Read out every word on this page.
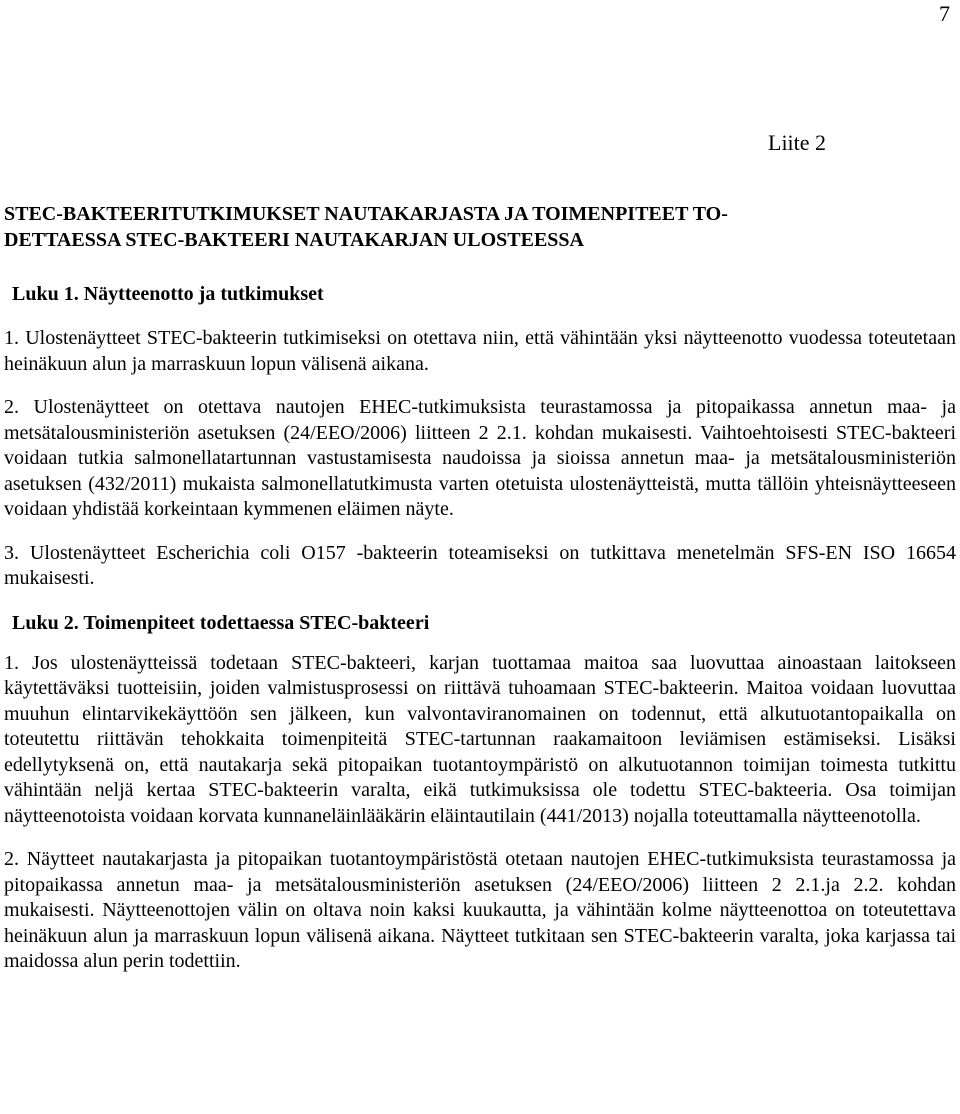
7
Liite 2
STEC-BAKTEERITUTKIMUKSET NAUTAKARJASTA JA TOIMENPITEET TO-
DETTAESSA STEC-BAKTEERI NAUTAKARJAN ULOSTEESSA
Luku 1. Näytteenotto ja tutkimukset

1. Ulostenäytteet STEC-bakteerin tutkimiseksi on otettava niin, että vähintään yksi näytteenotto vuodessa toteutetaan heinäkuun alun ja marraskuun lopun välisenä aikana.

2. Ulostenäytteet on otettava nautojen EHEC-tutkimuksista teurastamossa ja pitopaikassa annetun maa- ja metsätalousministeriön asetuksen (24/EEO/2006) liitteen 2 2.1. kohdan mukaisesti. Vaihtoehtoisesti STEC-bakteeri voidaan tutkia salmonellatartunnan vastustamisesta naudoissa ja sioissa annetun maa- ja metsätalousministeriön asetuksen (432/2011) mukaista salmonellatutkimusta varten otetuista ulostenäytteistä, mutta tällöin yhteisnäytteeseen voidaan yhdistää korkeintaan kymmenen eläimen näyte.

3. Ulostenäytteet Escherichia coli O157 -bakteerin toteamiseksi on tutkittava menetelmän SFS-EN ISO 16654 mukaisesti.

Luku 2. Toimenpiteet todettaessa STEC-bakteeri

1. Jos ulostenäytteissä todetaan STEC-bakteeri, karjan tuottamaa maitoa saa luovuttaa ainoastaan laitokseen käytettäväksi tuotteisiin, joiden valmistusprosessi on riittävä tuhoamaan STEC-bakteerin. Maitoa voidaan luovuttaa muuhun elintarvikekäyttöön sen jälkeen, kun valvontaviranomainen on todennut, että alkutuotantopaikalla on toteutettu riittävän tehokkaita toimenpiteitä STEC-tartunnan raakamaitoon leviämisen estämiseksi. Lisäksi edellytyksenä on, että nautakarja sekä pitopaikan tuotantoympäristö on alkutuotannon toimijan toimesta tutkittu vähintään neljä kertaa STEC-bakteerin varalta, eikä tutkimuksissa ole todettu STEC-bakteeria. Osa toimijan näytteenotoista voidaan korvata kunnaneläinlääkärin eläintautilain (441/2013) nojalla toteuttamalla näytteenotolla.

2. Näytteet nautakarjasta ja pitopaikan tuotantoympäristöstä otetaan nautojen EHEC-tutkimuksista teurastamossa ja pitopaikassa annetun maa- ja metsätalousministeriön asetuksen (24/EEO/2006) liitteen 2 2.1.ja 2.2. kohdan mukaisesti. Näytteenottojen välin on oltava noin kaksi kuukautta, ja vähintään kolme näytteenottoa on toteutettava heinäkuun alun ja marraskuun lopun välisenä aikana. Näytteet tutkitaan sen STEC-bakteerin varalta, joka karjassa tai maidossa alun perin todettiin.
